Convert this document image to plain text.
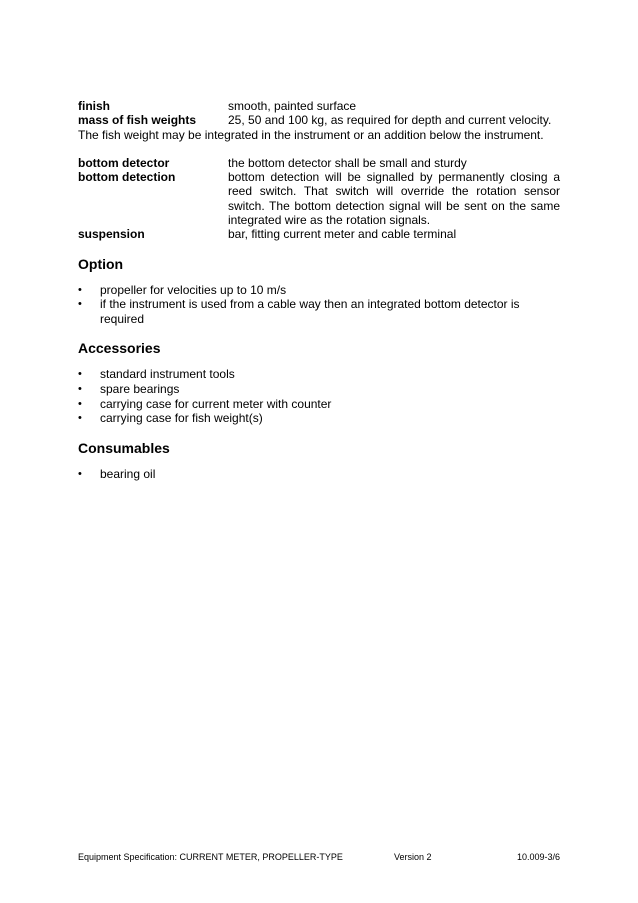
finish	smooth, painted surface
mass of fish weights	25, 50 and 100 kg, as required for depth and current velocity.
The fish weight may be integrated in the instrument or an addition below the instrument.
bottom detector	the bottom detector shall be small and sturdy
bottom detection	bottom detection will be signalled by permanently closing a reed switch. That switch will override the rotation sensor switch. The bottom detection signal will be sent on the same integrated wire as the rotation signals.
suspension	bar, fitting current meter and cable terminal
Option
•	propeller for velocities up to 10 m/s
•	if the instrument is used from a cable way then an integrated bottom detector is required
Accessories
•	standard instrument tools
•	spare bearings
•	carrying case for current meter with counter
•	carrying case for fish weight(s)
Consumables
•	bearing oil
Equipment Specification: CURRENT METER, PROPELLER-TYPE	Version 2	10.009-3/6
